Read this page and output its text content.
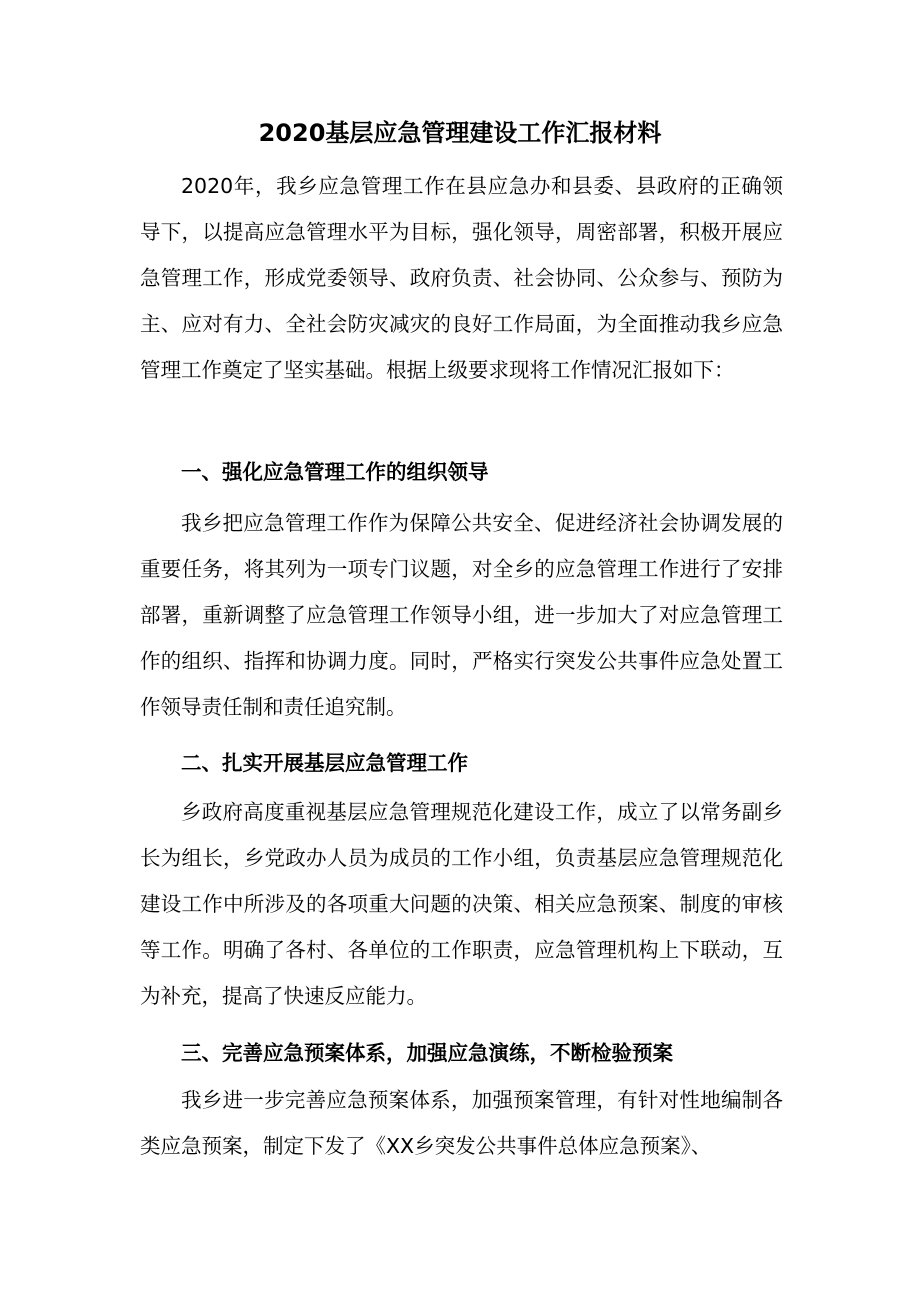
2020基层应急管理建设工作汇报材料

2020年，我乡应急管理工作在县应急办和县委、县政府的正确领导下，以提高应急管理水平为目标，强化领导，周密部署，积极开展应急管理工作，形成党委领导、政府负责、社会协同、公众参与、预防为主、应对有力、全社会防灾减灾的良好工作局面，为全面推动我乡应急管理工作奠定了坚实基础。根据上级要求现将工作情况汇报如下：

一、强化应急管理工作的组织领导

我乡把应急管理工作作为保障公共安全、促进经济社会协调发展的重要任务，将其列为一项专门议题，对全乡的应急管理工作进行了安排部署，重新调整了应急管理工作领导小组，进一步加大了对应急管理工作的组织、指挥和协调力度。同时，严格实行突发公共事件应急处置工作领导责任制和责任追究制。

二、扎实开展基层应急管理工作

乡政府高度重视基层应急管理规范化建设工作，成立了以常务副乡长为组长，乡党政办人员为成员的工作小组，负责基层应急管理规范化建设工作中所涉及的各项重大问题的决策、相关应急预案、制度的审核等工作。明确了各村、各单位的工作职责，应急管理机构上下联动，互为补充，提高了快速反应能力。

三、完善应急预案体系，加强应急演练，不断检验预案

我乡进一步完善应急预案体系，加强预案管理，有针对性地编制各类应急预案，制定下发了《XX乡突发公共事件总体应急预案》、
